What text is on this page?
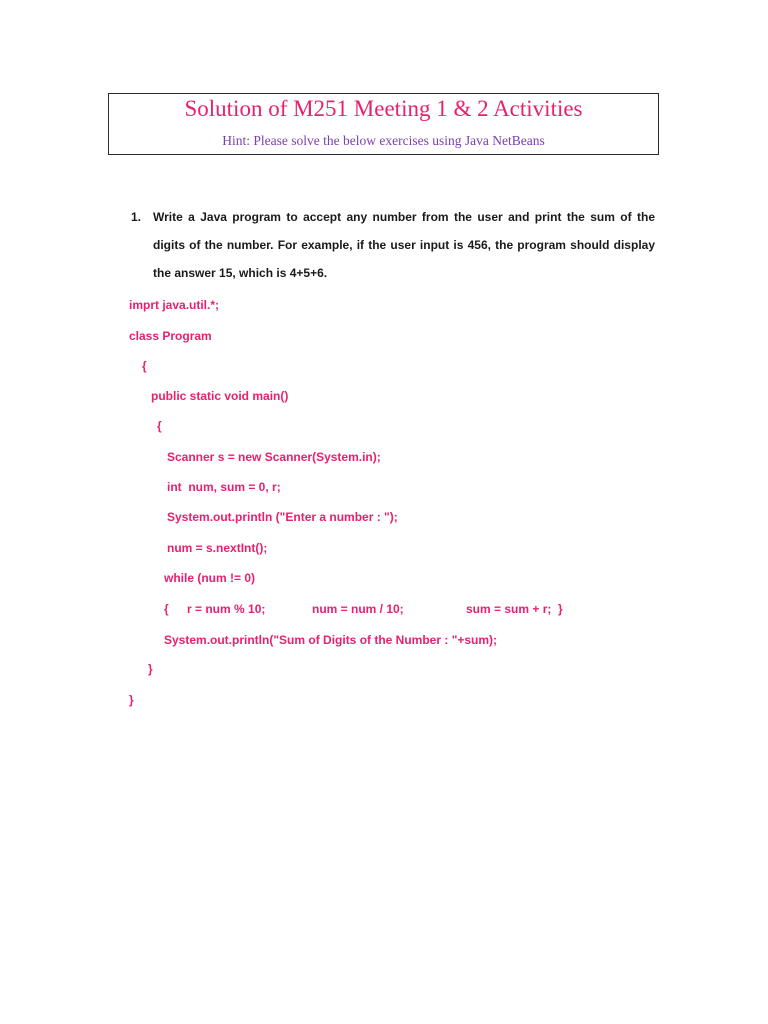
Solution of M251 Meeting 1 & 2 Activities
Hint: Please solve the below exercises using Java NetBeans
1. Write a Java program to accept any number from the user and print the sum of the digits of the number. For example, if the user input is 456, the program should display the answer 15, which is 4+5+6.
imprt java.util.*;
class Program
{
public static void main()
{
Scanner s = new Scanner(System.in);
int  num, sum = 0, r;
System.out.println ("Enter a number : ");
num = s.nextInt();
while (num != 0)
{ r = num % 10;	num = num / 10;	sum = sum + r;  }
System.out.println("Sum of Digits of the Number : "+sum);
}
}
